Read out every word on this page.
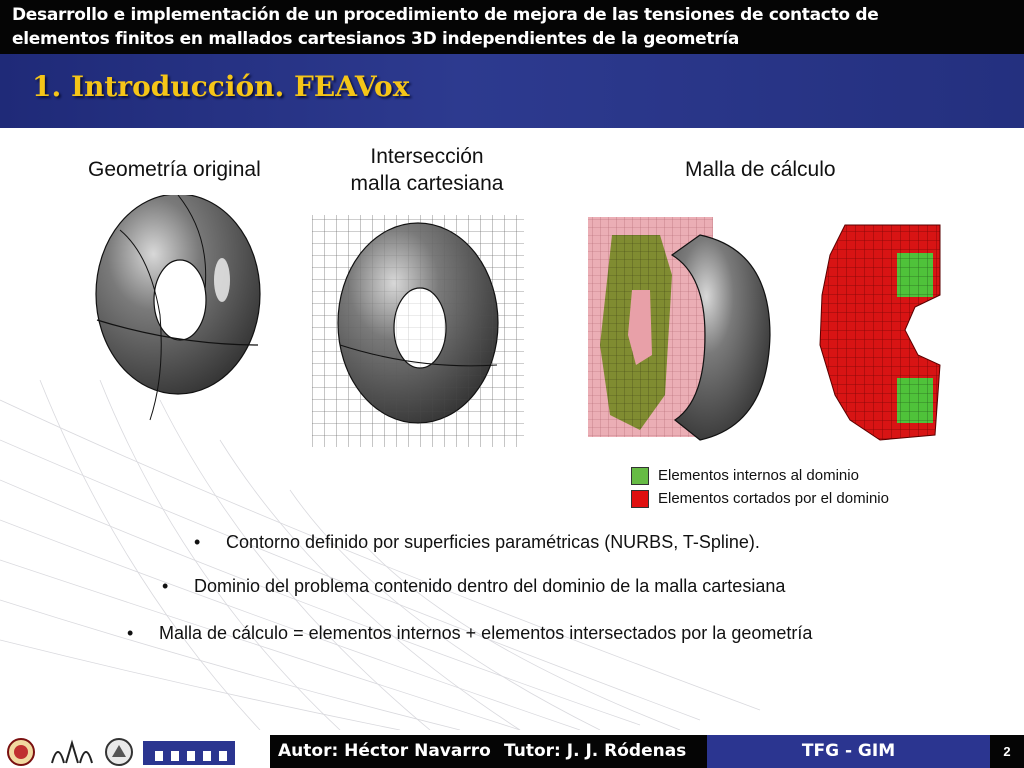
Desarrollo e implementación de un procedimiento de mejora de las tensiones de contacto de
elementos finitos en mallados cartesianos 3D independientes de la geometría
1. Introducción. FEAVox
Geometría original
Intersección
malla cartesiana
Malla de cálculo
Elementos internos al dominio
Elementos cortados por el dominio
• Contorno definido por superficies paramétricas (NURBS, T-Spline).
• Dominio del problema contenido dentro del dominio de la malla cartesiana
• Malla de cálculo = elementos internos + elementos intersectados por la geometría
Autor: Héctor Navarro Tutor: J. J. Ródenas	TFG - GIM	2
